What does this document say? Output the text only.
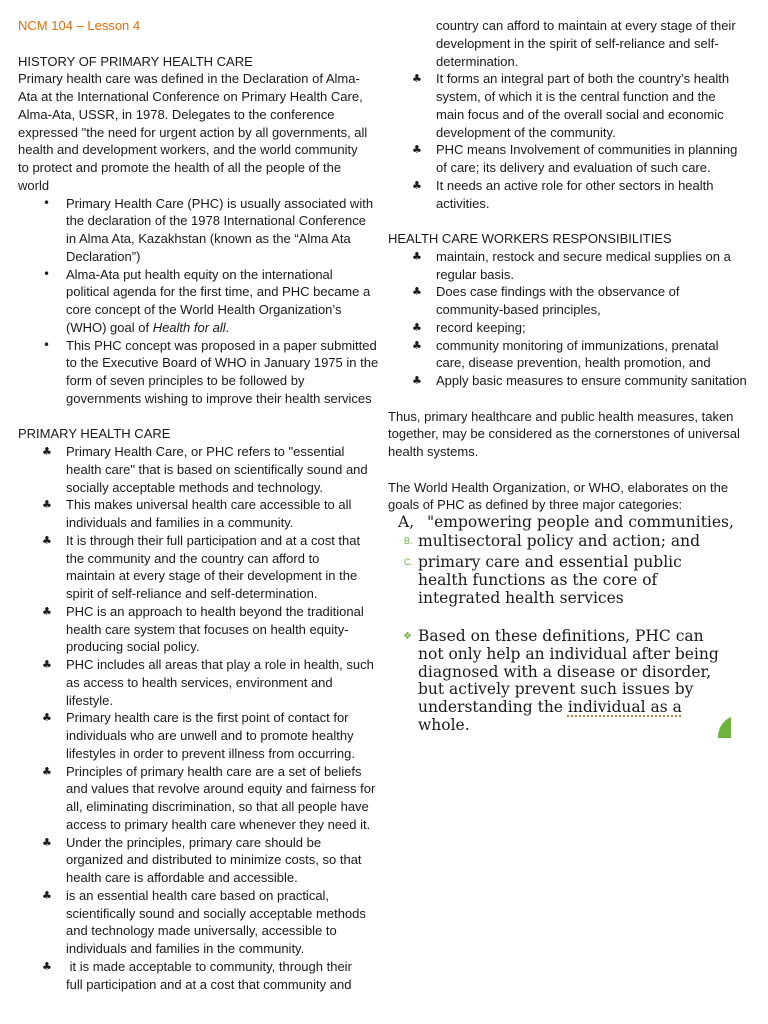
NCM 104 – Lesson 4
HISTORY OF PRIMARY HEALTH CARE
Primary health care was defined in the Declaration of Alma-
Ata at the International Conference on Primary Health Care,
Alma-Ata, USSR, in 1978. Delegates to the conference
expressed "the need for urgent action by all governments, all
health and development workers, and the world community
to protect and promote the health of all the people of the
world
• Primary Health Care (PHC) is usually associated with
the declaration of the 1978 International Conference
in Alma Ata, Kazakhstan (known as the “Alma Ata
Declaration”)
• Alma-Ata put health equity on the international
political agenda for the first time, and PHC became a
core concept of the World Health Organization’s
(WHO) goal of Health for all.
• This PHC concept was proposed in a paper submitted
to the Executive Board of WHO in January 1975 in the
form of seven principles to be followed by
governments wishing to improve their health services
PRIMARY HEALTH CARE
♣ Primary Health Care, or PHC refers to "essential
health care" that is based on scientifically sound and
socially acceptable methods and technology.
♣ This makes universal health care accessible to all
individuals and families in a community.
♣ It is through their full participation and at a cost that
the community and the country can afford to
maintain at every stage of their development in the
spirit of self-reliance and self-determination.
♣ PHC is an approach to health beyond the traditional
health care system that focuses on health equity-
producing social policy.
♣ PHC includes all areas that play a role in health, such
as access to health services, environment and
lifestyle.
♣ Primary health care is the first point of contact for
individuals who are unwell and to promote healthy
lifestyles in order to prevent illness from occurring.
♣ Principles of primary health care are a set of beliefs
and values that revolve around equity and fairness for
all, eliminating discrimination, so that all people have
access to primary health care whenever they need it.
♣ Under the principles, primary care should be
organized and distributed to minimize costs, so that
health care is affordable and accessible.
♣ is an essential health care based on practical,
scientifically sound and socially acceptable methods
and technology made universally, accessible to
individuals and families in the community.
♣ it is made acceptable to community, through their
full participation and at a cost that community and
country can afford to maintain at every stage of their
development in the spirit of self-reliance and self-
determination.
♣ It forms an integral part of both the country’s health
system, of which it is the central function and the
main focus and of the overall social and economic
development of the community.
♣ PHC means Involvement of communities in planning
of care; its delivery and evaluation of such care.
♣ It needs an active role for other sectors in health
activities.
HEALTH CARE WORKERS RESPONSIBILITIES
♣ maintain, restock and secure medical supplies on a
regular basis.
♣ Does case findings with the observance of
community-based principles,
♣ record keeping;
♣ community monitoring of immunizations, prenatal
care, disease prevention, health promotion, and
♣ Apply basic measures to ensure community sanitation
Thus, primary healthcare and public health measures, taken
together, may be considered as the cornerstones of universal
health systems.
The World Health Organization, or WHO, elaborates on the
goals of PHC as defined by three major categories:
A, "empowering people and communities,
B. multisectoral policy and action; and
C. primary care and essential public
health functions as the core of
integrated health services
❖ Based on these definitions, PHC can
not only help an individual after being
diagnosed with a disease or disorder,
but actively prevent such issues by
understanding the individual as a
whole.
